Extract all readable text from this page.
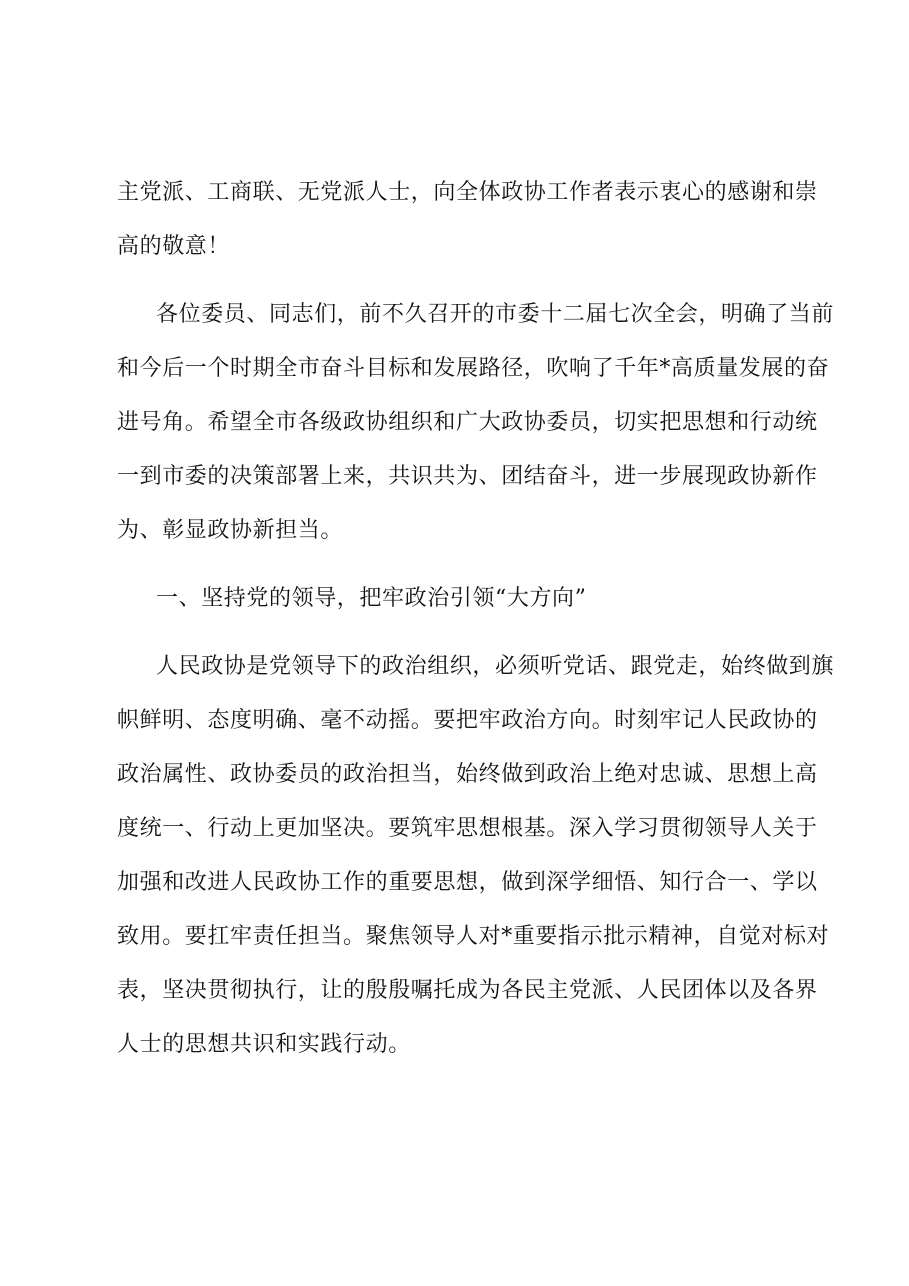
主党派、工商联、无党派人士，向全体政协工作者表示衷心的感谢和崇
高的敬意！
各位委员、同志们，前不久召开的市委十二届七次全会，明确了当前
和今后一个时期全市奋斗目标和发展路径，吹响了千年*高质量发展的奋
进号角。希望全市各级政协组织和广大政协委员，切实把思想和行动统
一到市委的决策部署上来，共识共为、团结奋斗，进一步展现政协新作
为、彰显政协新担当。
一、坚持党的领导，把牢政治引领“大方向”
人民政协是党领导下的政治组织，必须听党话、跟党走，始终做到旗
帜鲜明、态度明确、毫不动摇。要把牢政治方向。时刻牢记人民政协的
政治属性、政协委员的政治担当，始终做到政治上绝对忠诚、思想上高
度统一、行动上更加坚决。要筑牢思想根基。深入学习贯彻领导人关于
加强和改进人民政协工作的重要思想，做到深学细悟、知行合一、学以
致用。要扛牢责任担当。聚焦领导人对*重要指示批示精神，自觉对标对
表，坚决贯彻执行，让的殷殷嘱托成为各民主党派、人民团体以及各界
人士的思想共识和实践行动。
